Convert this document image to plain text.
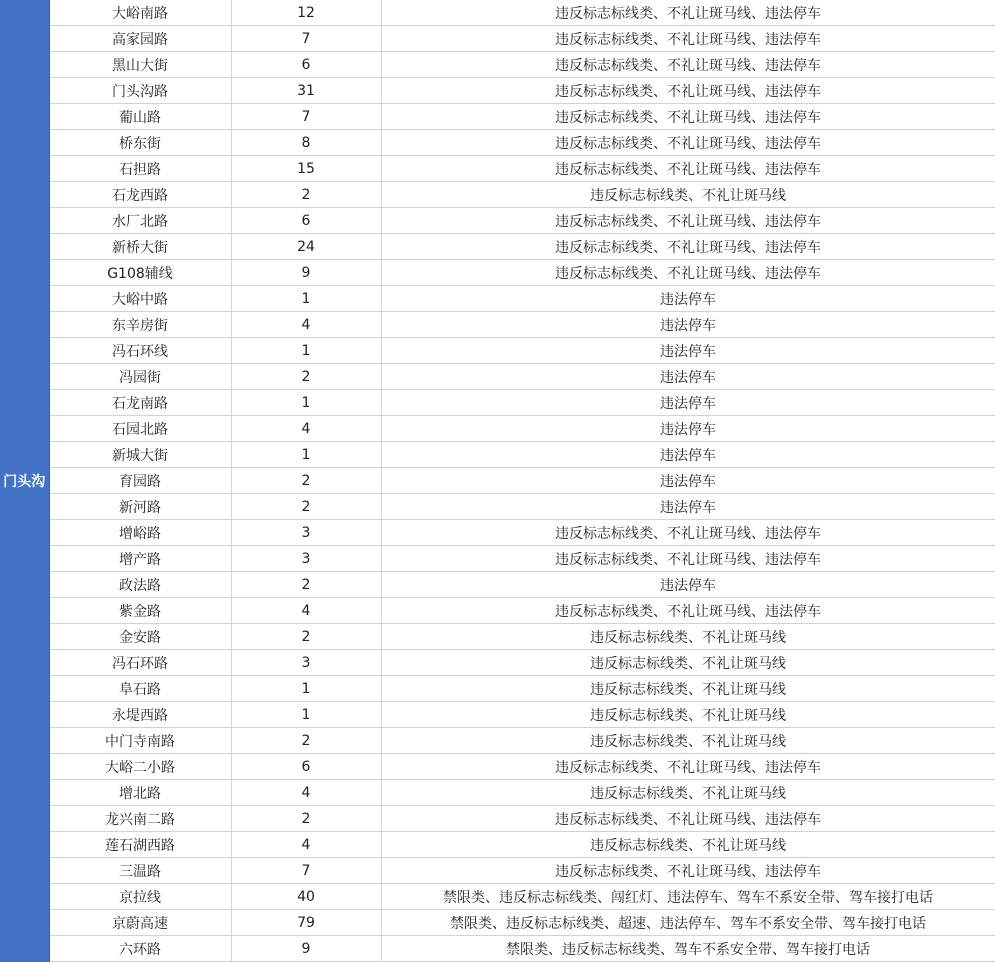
门头沟	大峪南路	12	违反标志标线类、不礼让斑马线、违法停车
	高家园路	7	违反标志标线类、不礼让斑马线、违法停车
	黑山大街	6	违反标志标线类、不礼让斑马线、违法停车
	门头沟路	31	违反标志标线类、不礼让斑马线、违法停车
	葡山路	7	违反标志标线类、不礼让斑马线、违法停车
	桥东街	8	违反标志标线类、不礼让斑马线、违法停车
	石担路	15	违反标志标线类、不礼让斑马线、违法停车
	石龙西路	2	违反标志标线类、不礼让斑马线
	水厂北路	6	违反标志标线类、不礼让斑马线、违法停车
	新桥大街	24	违反标志标线类、不礼让斑马线、违法停车
	G108辅线	9	违反标志标线类、不礼让斑马线、违法停车
	大峪中路	1	违法停车
	东辛房街	4	违法停车
	冯石环线	1	违法停车
	冯园街	2	违法停车
	石龙南路	1	违法停车
	石园北路	4	违法停车
	新城大街	1	违法停车
	育园路	2	违法停车
	新河路	2	违法停车
	增峪路	3	违反标志标线类、不礼让斑马线、违法停车
	增产路	3	违反标志标线类、不礼让斑马线、违法停车
	政法路	2	违法停车
	紫金路	4	违反标志标线类、不礼让斑马线、违法停车
	金安路	2	违反标志标线类、不礼让斑马线
	冯石环路	3	违反标志标线类、不礼让斑马线
	阜石路	1	违反标志标线类、不礼让斑马线
	永堤西路	1	违反标志标线类、不礼让斑马线
	中门寺南路	2	违反标志标线类、不礼让斑马线
	大峪二小路	6	违反标志标线类、不礼让斑马线、违法停车
	增北路	4	违反标志标线类、不礼让斑马线
	龙兴南二路	2	违反标志标线类、不礼让斑马线、违法停车
	莲石湖西路	4	违反标志标线类、不礼让斑马线
	三温路	7	违反标志标线类、不礼让斑马线、违法停车
	京拉线	40	禁限类、违反标志标线类、闯红灯、违法停车、驾车不系安全带、驾车接打电话
	京蔚高速	79	禁限类、违反标志标线类、超速、违法停车、驾车不系安全带、驾车接打电话
	六环路	9	禁限类、违反标志标线类、驾车不系安全带、驾车接打电话
